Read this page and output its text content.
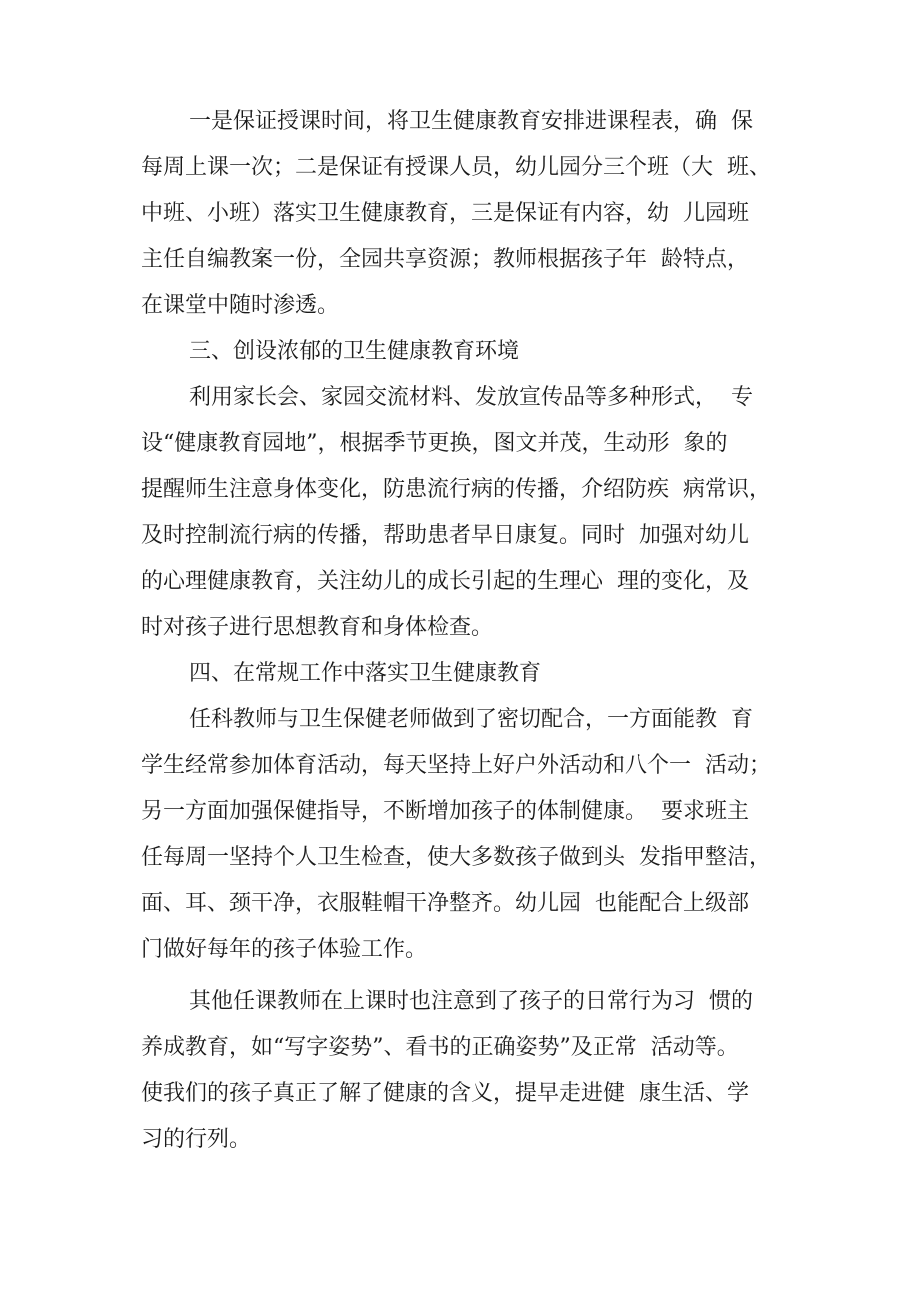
一是保证授课时间，将卫生健康教育安排进课程表，确  保
每周上课一次；二是保证有授课人员，幼儿园分三个班（大  班、
中班、小班）落实卫生健康教育，三是保证有内容，幼  儿园班
主任自编教案一份，全园共享资源；教师根据孩子年  龄特点，
在课堂中随时渗透。
三、创设浓郁的卫生健康教育环境
利用家长会、家园交流材料、发放宣传品等多种形式，  专
设“健康教育园地”，根据季节更换，图文并茂，生动形  象的
提醒师生注意身体变化，防患流行病的传播，介绍防疾  病常识，
及时控制流行病的传播，帮助患者早日康复。同时  加强对幼儿
的心理健康教育，关注幼儿的成长引起的生理心  理的变化，及
时对孩子进行思想教育和身体检查。
四、在常规工作中落实卫生健康教育
任科教师与卫生保健老师做到了密切配合，一方面能教  育
学生经常参加体育活动，每天坚持上好户外活动和八个一  活动；
另一方面加强保健指导，不断增加孩子的体制健康。  要求班主
任每周一坚持个人卫生检查，使大多数孩子做到头  发指甲整洁，
面、耳、颈干净，衣服鞋帽干净整齐。幼儿园  也能配合上级部
门做好每年的孩子体验工作。
其他任课教师在上课时也注意到了孩子的日常行为习  惯的
养成教育，如“写字姿势”、看书的正确姿势”及正常  活动等。
使我们的孩子真正了解了健康的含义，提早走进健  康生活、学
习的行列。
